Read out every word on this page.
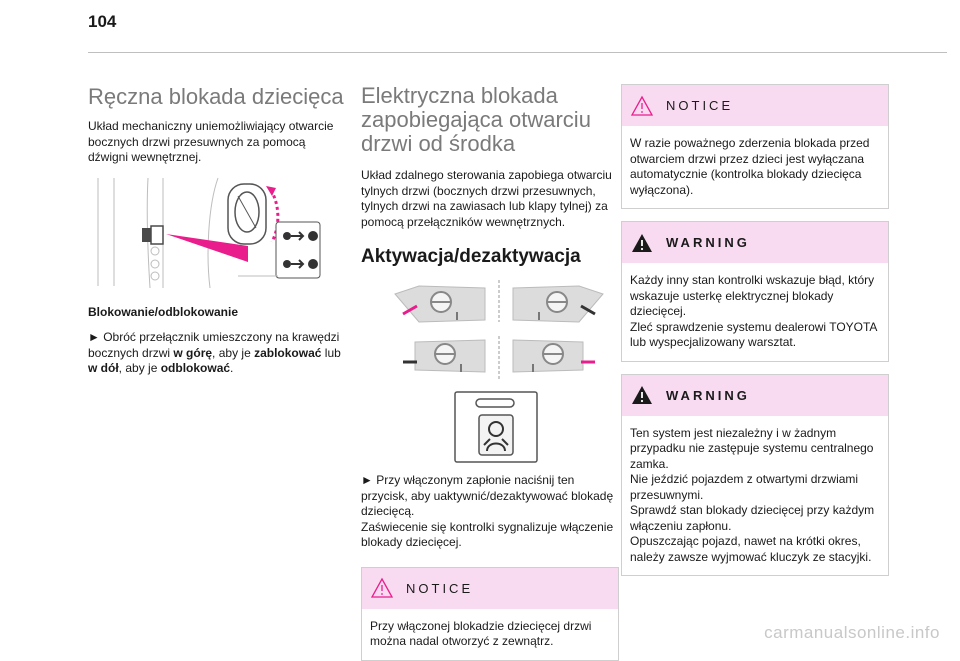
104
Ręczna blokada dziecięca

Układ mechaniczny uniemożliwiający otwarcie bocznych drzwi przesuwnych za pomocą dźwigni wewnętrznej.

Blokowanie/odblokowanie

► Obróć przełącznik umieszczony na krawędzi bocznych drzwi w górę, aby je zablokować lub w dół, aby je odblokować.

Elektryczna blokada
zapobiegająca otwarciu
drzwi od środka

Układ zdalnego sterowania zapobiega otwarciu tylnych drzwi (bocznych drzwi przesuwnych, tylnych drzwi na zawiasach lub klapy tylnej) za pomocą przełączników wewnętrznych.

Aktywacja/dezaktywacja
► Przy włączonym zapłonie naciśnij ten przycisk, aby uaktywnić/dezaktywować blokadę dziecięcą.
Zaświecenie się kontrolki sygnalizuje włączenie blokady dziecięcej.
NOTICE
Przy włączonej blokadzie dziecięcej drzwi można nadal otworzyć z zewnątrz.
NOTICE
W razie poważnego zderzenia blokada przed otwarciem drzwi przez dzieci jest wyłączana automatycznie (kontrolka blokady dziecięca wyłączona).
WARNING
Każdy inny stan kontrolki wskazuje błąd, który wskazuje usterkę elektrycznej blokady dziecięcej.
Zleć sprawdzenie systemu dealerowi TOYOTA lub wyspecjalizowany warsztat.
WARNING
Ten system jest niezależny i w żadnym przypadku nie zastępuje systemu centralnego zamka.
Nie jeździć pojazdem z otwartymi drzwiami przesuwnymi.
Sprawdź stan blokady dziecięcej przy każdym włączeniu zapłonu.
Opuszczając pojazd, nawet na krótki okres, należy zawsze wyjmować kluczyk ze stacyjki.
carmanualsonline.info
